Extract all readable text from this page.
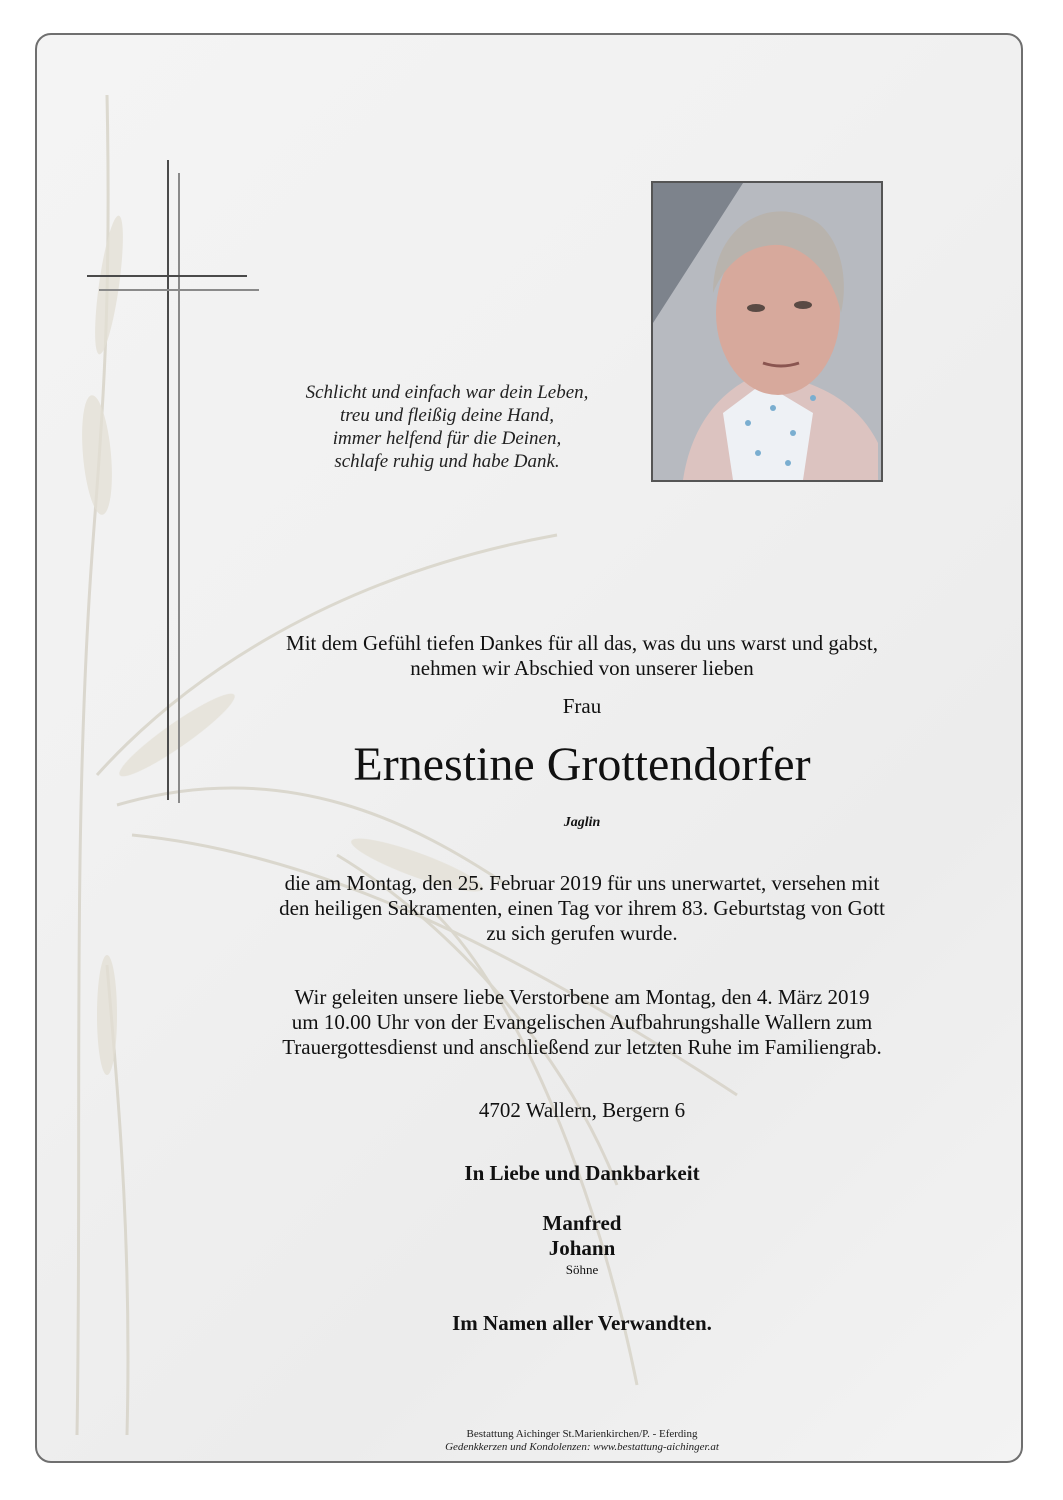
Schlicht und einfach war dein Leben,
treu und fleißig deine Hand,
immer helfend für die Deinen,
schlafe ruhig und habe Dank.
Mit dem Gefühl tiefen Dankes für all das, was du uns warst und gabst,
nehmen wir Abschied von unserer lieben
Frau
Ernestine Grottendorfer
Jaglin
die am Montag, den 25. Februar 2019 für uns unerwartet, versehen mit
den heiligen Sakramenten, einen Tag vor ihrem 83. Geburtstag von Gott
zu sich gerufen wurde.
Wir geleiten unsere liebe Verstorbene am Montag, den 4. März 2019
um 10.00 Uhr von der Evangelischen Aufbahrungshalle Wallern zum
Trauergottesdienst und anschließend zur letzten Ruhe im Familiengrab.
4702 Wallern, Bergern 6
In Liebe und Dankbarkeit
Manfred
Johann
Söhne
Im Namen aller Verwandten.
Bestattung Aichinger St.Marienkirchen/P. - Eferding
Gedenkkerzen und Kondolenzen: www.bestattung-aichinger.at
